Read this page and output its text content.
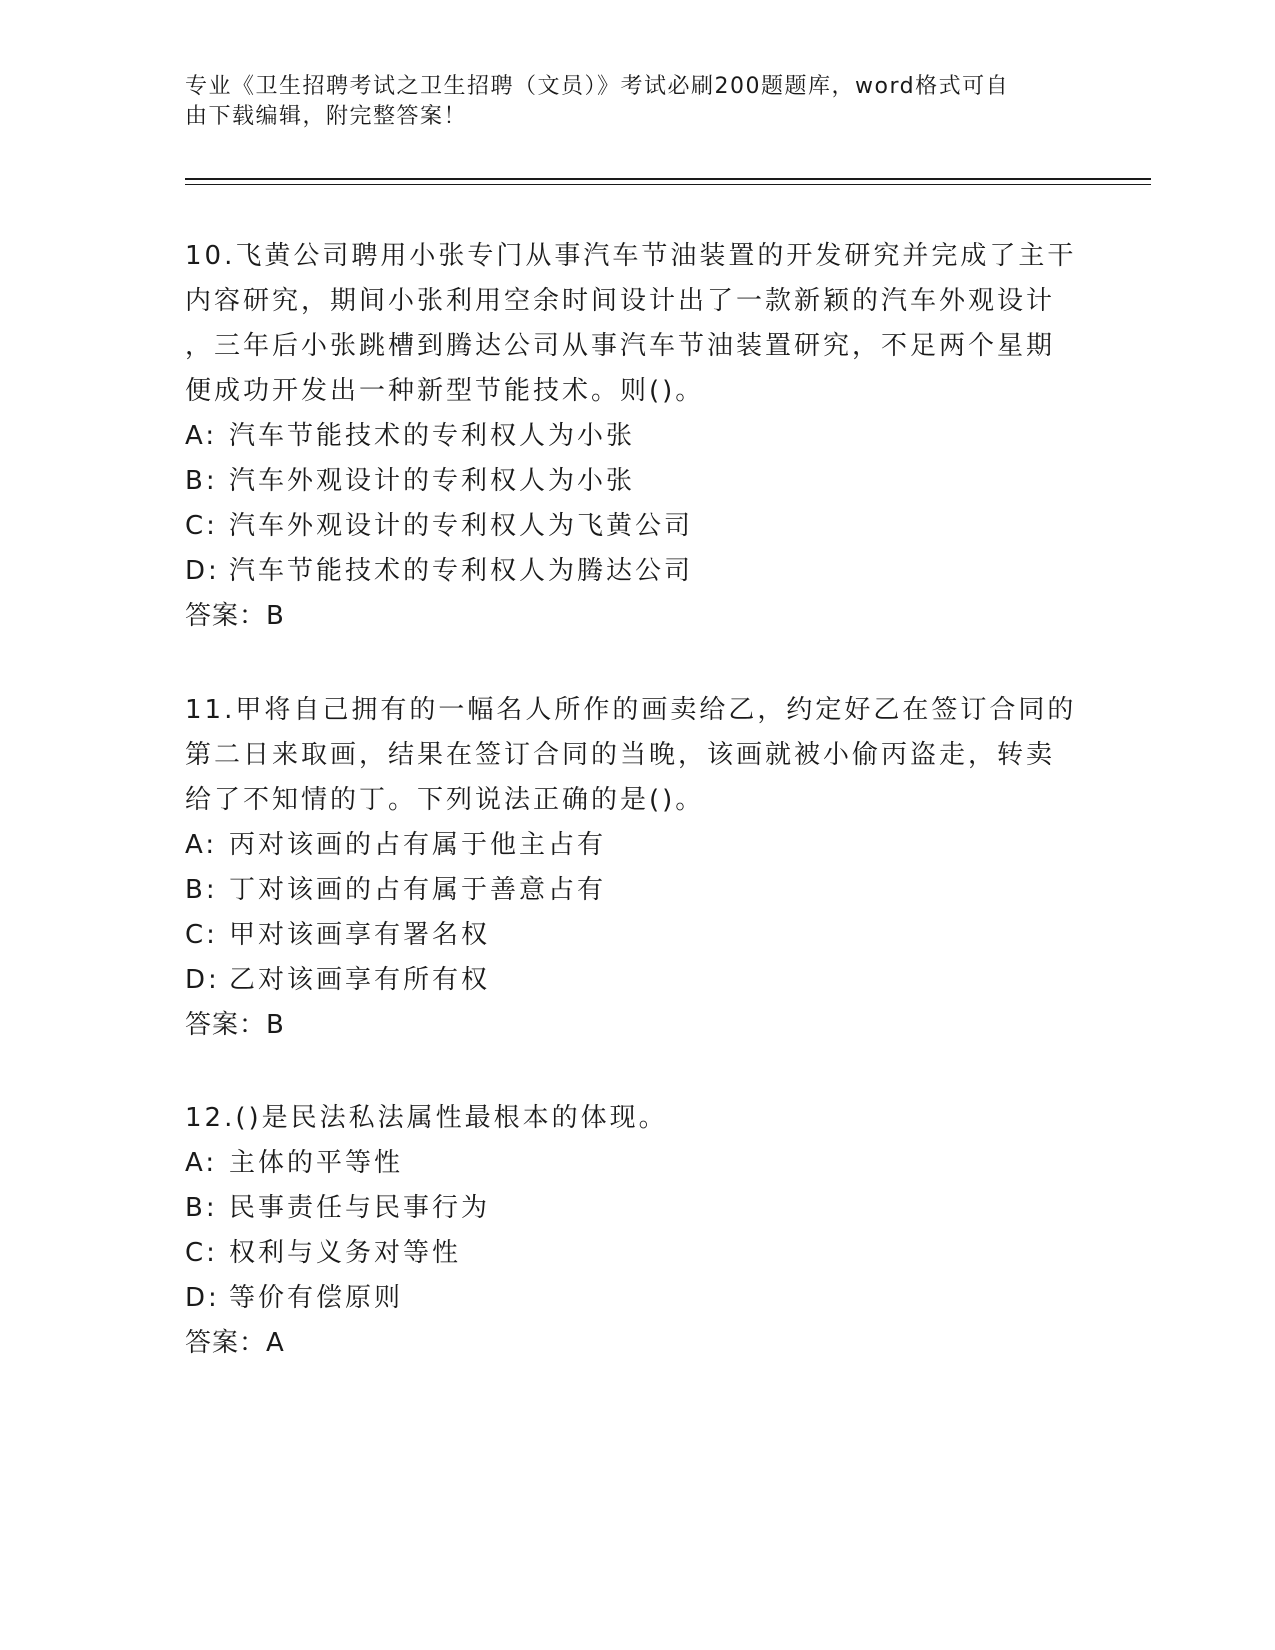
专业《卫生招聘考试之卫生招聘（文员）》考试必刷200题题库，word格式可自
由下载编辑，附完整答案！
10.飞黄公司聘用小张专门从事汽车节油装置的开发研究并完成了主干
内容研究，期间小张利用空余时间设计出了一款新颖的汽车外观设计
，三年后小张跳槽到腾达公司从事汽车节油装置研究，不足两个星期
便成功开发出一种新型节能技术。则()。
A: 汽车节能技术的专利权人为小张
B: 汽车外观设计的专利权人为小张
C: 汽车外观设计的专利权人为飞黄公司
D: 汽车节能技术的专利权人为腾达公司
答案：B
11.甲将自己拥有的一幅名人所作的画卖给乙，约定好乙在签订合同的
第二日来取画，结果在签订合同的当晚，该画就被小偷丙盗走，转卖
给了不知情的丁。下列说法正确的是()。
A: 丙对该画的占有属于他主占有
B: 丁对该画的占有属于善意占有
C: 甲对该画享有署名权
D: 乙对该画享有所有权
答案：B
12.()是民法私法属性最根本的体现。
A: 主体的平等性
B: 民事责任与民事行为
C: 权利与义务对等性
D: 等价有偿原则
答案：A
